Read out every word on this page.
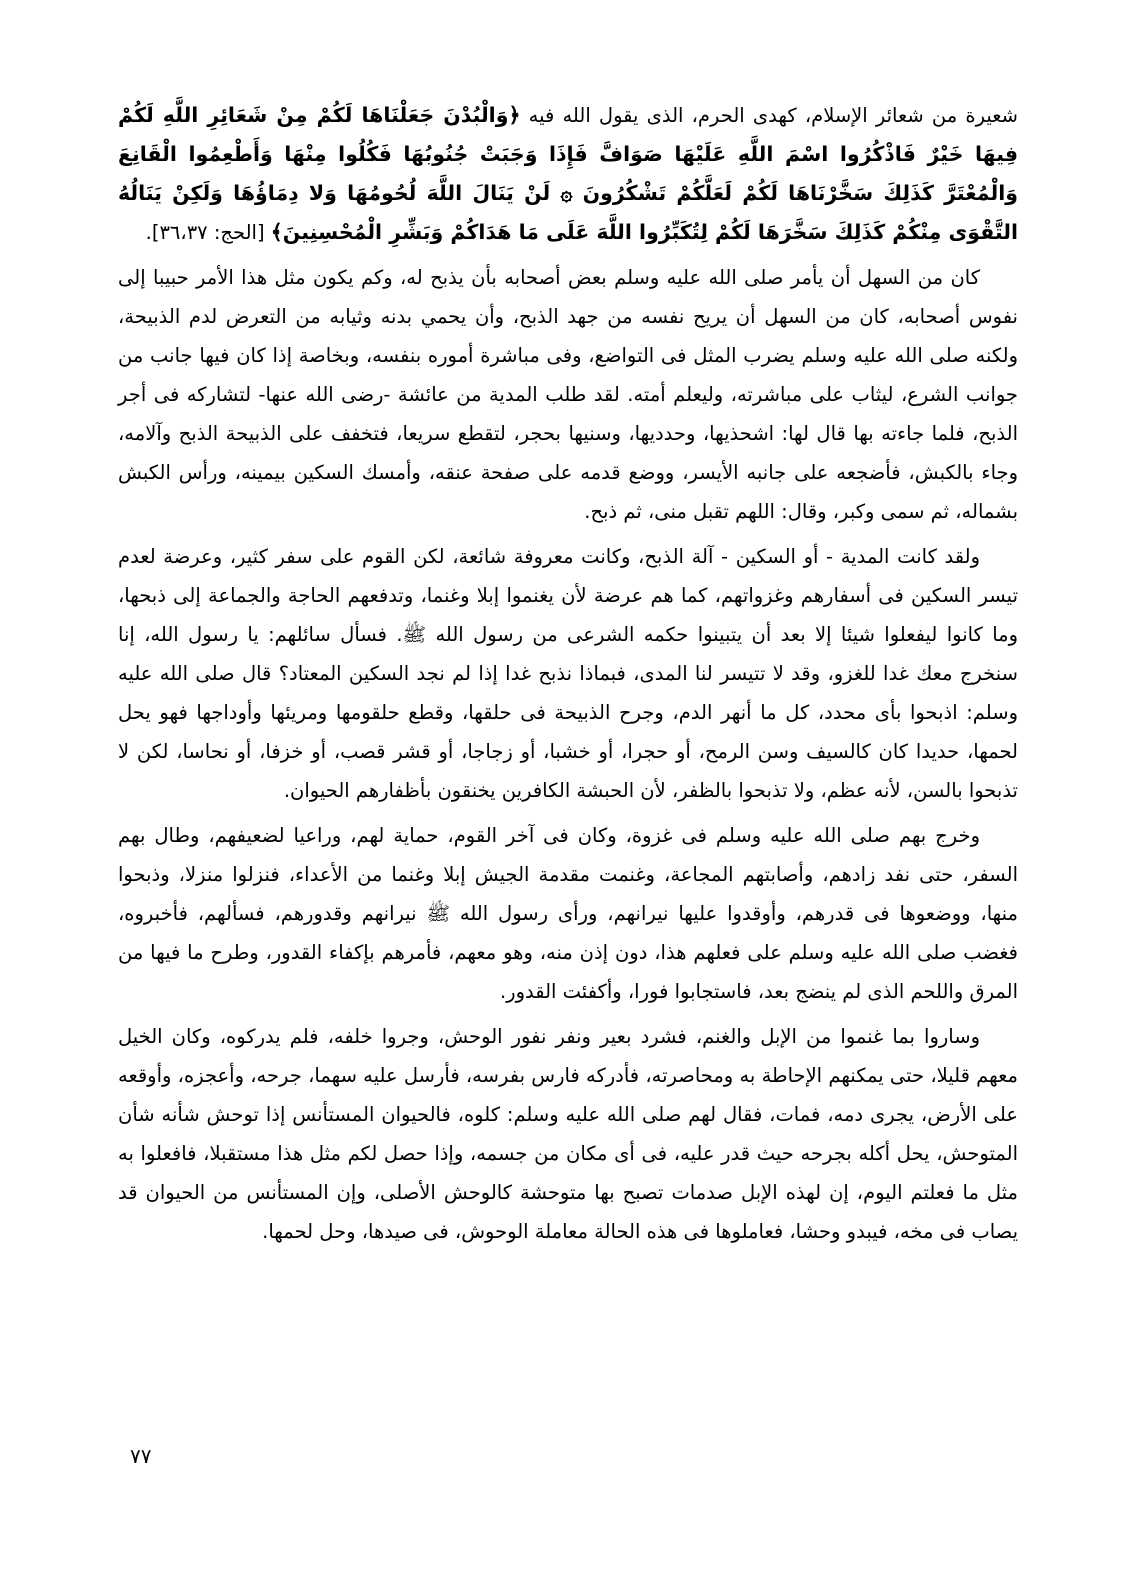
شعيرة من شعائر الإسلام، كهدى الحرم، الذى يقول الله فيه ﴿وَالْبُدْنَ جَعَلْنَاهَا لَكُمْ مِنْ شَعَائِرِ اللَّهِ لَكُمْ فِيهَا خَيْرٌ فَاذْكُرُوا اسْمَ اللَّهِ عَلَيْهَا صَوَافَّ فَإِذَا وَجَبَتْ جُنُوبُهَا فَكُلُوا مِنْهَا وَأَطْعِمُوا الْقَانِعَ وَالْمُعْتَرَّ كَذَلِكَ سَخَّرْنَاهَا لَكُمْ لَعَلَّكُمْ تَشْكُرُونَ ۞ لَنْ يَنَالَ اللَّهَ لُحُومُهَا وَلا دِمَاؤُهَا وَلَكِنْ يَنَالُهُ التَّقْوَى مِنْكُمْ كَذَلِكَ سَخَّرَهَا لَكُمْ لِتُكَبِّرُوا اللَّهَ عَلَى مَا هَدَاكُمْ وَبَشِّرِ الْمُحْسِنِينَ﴾ [الحج: ٣٦،٣٧].

كان من السهل أن يأمر صلى الله عليه وسلم بعض أصحابه بأن يذبح له، وكم يكون مثل هذا الأمر حبيبا إلى نفوس أصحابه، كان من السهل أن يريح نفسه من جهد الذبح، وأن يحمي بدنه وثيابه من التعرض لدم الذبيحة، ولكنه صلى الله عليه وسلم يضرب المثل فى التواضع، وفى مباشرة أموره بنفسه، وبخاصة إذا كان فيها جانب من جوانب الشرع، ليثاب على مباشرته، وليعلم أمته. لقد طلب المدية من عائشة -رضى الله عنها- لتشاركه فى أجر الذبح، فلما جاءته بها قال لها: اشحذيها، وحدديها، وسنيها بحجر، لتقطع سريعا، فتخفف على الذبيحة الذبح وآلامه، وجاء بالكبش، فأضجعه على جانبه الأيسر، ووضع قدمه على صفحة عنقه، وأمسك السكين بيمينه، ورأس الكبش بشماله، ثم سمى وكبر، وقال: اللهم تقبل منى، ثم ذبح.

ولقد كانت المدية - أو السكين - آلة الذبح، وكانت معروفة شائعة، لكن القوم على سفر كثير، وعرضة لعدم تيسر السكين فى أسفارهم وغزواتهم، كما هم عرضة لأن يغنموا إبلا وغنما، وتدفعهم الحاجة والجماعة إلى ذبحها، وما كانوا ليفعلوا شيئا إلا بعد أن يتبينوا حكمه الشرعى من رسول الله ﷺ. فسأل سائلهم: يا رسول الله، إنا سنخرج معك غدا للغزو، وقد لا تتيسر لنا المدى، فبماذا نذبح غدا إذا لم نجد السكين المعتاد؟ قال صلى الله عليه وسلم: اذبحوا بأى محدد، كل ما أنهر الدم، وجرح الذبيحة فى حلقها، وقطع حلقومها ومريئها وأوداجها فهو يحل لحمها، حديدا كان كالسيف وسن الرمح، أو حجرا، أو خشبا، أو زجاجا، أو قشر قصب، أو خزفا، أو نحاسا، لكن لا تذبحوا بالسن، لأنه عظم، ولا تذبحوا بالظفر، لأن الحبشة الكافرين يخنقون بأظفارهم الحيوان.

وخرج بهم صلى الله عليه وسلم فى غزوة، وكان فى آخر القوم، حماية لهم، وراعيا لضعيفهم، وطال بهم السفر، حتى نفد زادهم، وأصابتهم المجاعة، وغنمت مقدمة الجيش إبلا وغنما من الأعداء، فنزلوا منزلا، وذبحوا منها، ووضعوها فى قدرهم، وأوقدوا عليها نيرانهم، ورأى رسول الله ﷺ نيرانهم وقدورهم، فسألهم، فأخبروه، فغضب صلى الله عليه وسلم على فعلهم هذا، دون إذن منه، وهو معهم، فأمرهم بإكفاء القدور، وطرح ما فيها من المرق واللحم الذى لم ينضج بعد، فاستجابوا فورا، وأكفئت القدور.

وساروا بما غنموا من الإبل والغنم، فشرد بعير ونفر نفور الوحش، وجروا خلفه، فلم يدركوه، وكان الخيل معهم قليلا، حتى يمكنهم الإحاطة به ومحاصرته، فأدركه فارس بفرسه، فأرسل عليه سهما، جرحه، وأعجزه، وأوقعه على الأرض، يجرى دمه، فمات، فقال لهم صلى الله عليه وسلم: كلوه، فالحيوان المستأنس إذا توحش شأنه شأن المتوحش، يحل أكله بجرحه حيث قدر عليه، فى أى مكان من جسمه، وإذا حصل لكم مثل هذا مستقبلا، فافعلوا به مثل ما فعلتم اليوم، إن لهذه الإبل صدمات تصبح بها متوحشة كالوحش الأصلى، وإن المستأنس من الحيوان قد يصاب فى مخه، فيبدو وحشا، فعاملوها فى هذه الحالة معاملة الوحوش، فى صيدها، وحل لحمها.

٧٧
